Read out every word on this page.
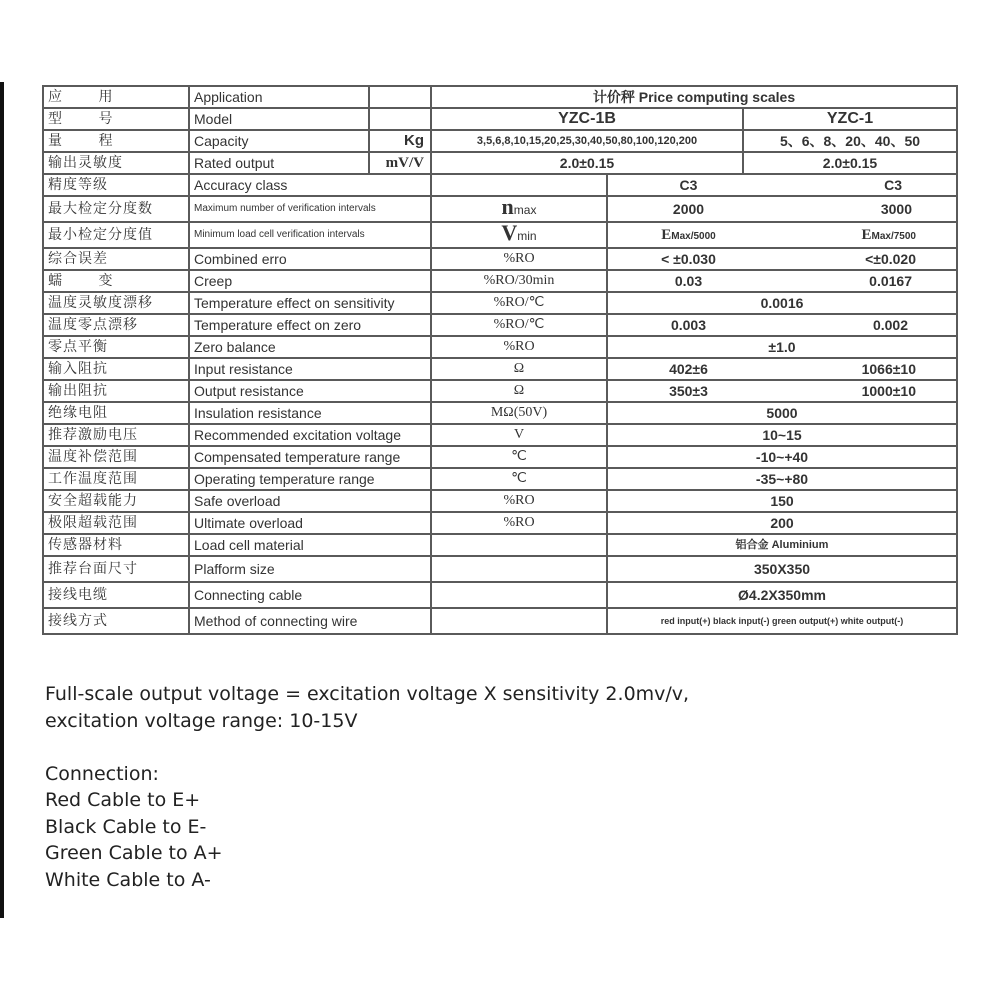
应 用	Application		计价秤 Price computing scales		
型 号	Model		YZC-1B		YZC-1
量 程	Capacity	Kg	3,5,6,8,10,15,20,25,30,40,50,80,100,120,200		5、6、8、20、40、50
输出灵敏度	Rated output	mV/V	2.0±0.15		2.0±0.15
精度等级	Accuracy class			C3 C3	
最大检定分度数	Maximum number of verification intervals		nmax	2000 3000	
最小检定分度值	Minimum load cell verification intervals		Vmin	EMax/5000 EMax/7500	
综合误差	Combined erro		%RO	< ±0.030 <±0.020	
蠕 变	Creep		%RO/30min	0.03 0.0167	
温度灵敏度漂移	Temperature effect on sensitivity		%RO/℃	0.0016	
温度零点漂移	Temperature effect on zero		%RO/℃	0.003 0.002	
零点平衡	Zero balance		%RO	±1.0	
输入阻抗	Input resistance		Ω	402±6 1066±10	
输出阻抗	Output resistance		Ω	350±3 1000±10	
绝缘电阻	Insulation resistance		MΩ(50V)	5000	
推荐激励电压	Recommended excitation voltage		V	10~15	
温度补偿范围	Compensated temperature range		℃	-10~+40	
工作温度范围	Operating temperature range		℃	-35~+80	
安全超载能力	Safe overload		%RO	150	
极限超载范围	Ultimate overload		%RO	200	
传感器材料	Load cell material			铝合金 Aluminium	
推荐台面尺寸	Plafform size			350X350	
接线电缆	Connecting cable			Ø4.2X350mm	
接线方式	Method of connecting wire			red input(+) black input(-) green output(+) white output(-)	
Full-scale output voltage = excitation voltage X sensitivity 2.0mv/v,
excitation voltage range: 10-15V
Connection:
Red Cable to E+
Black Cable to E-
Green Cable to A+
White Cable to A-
